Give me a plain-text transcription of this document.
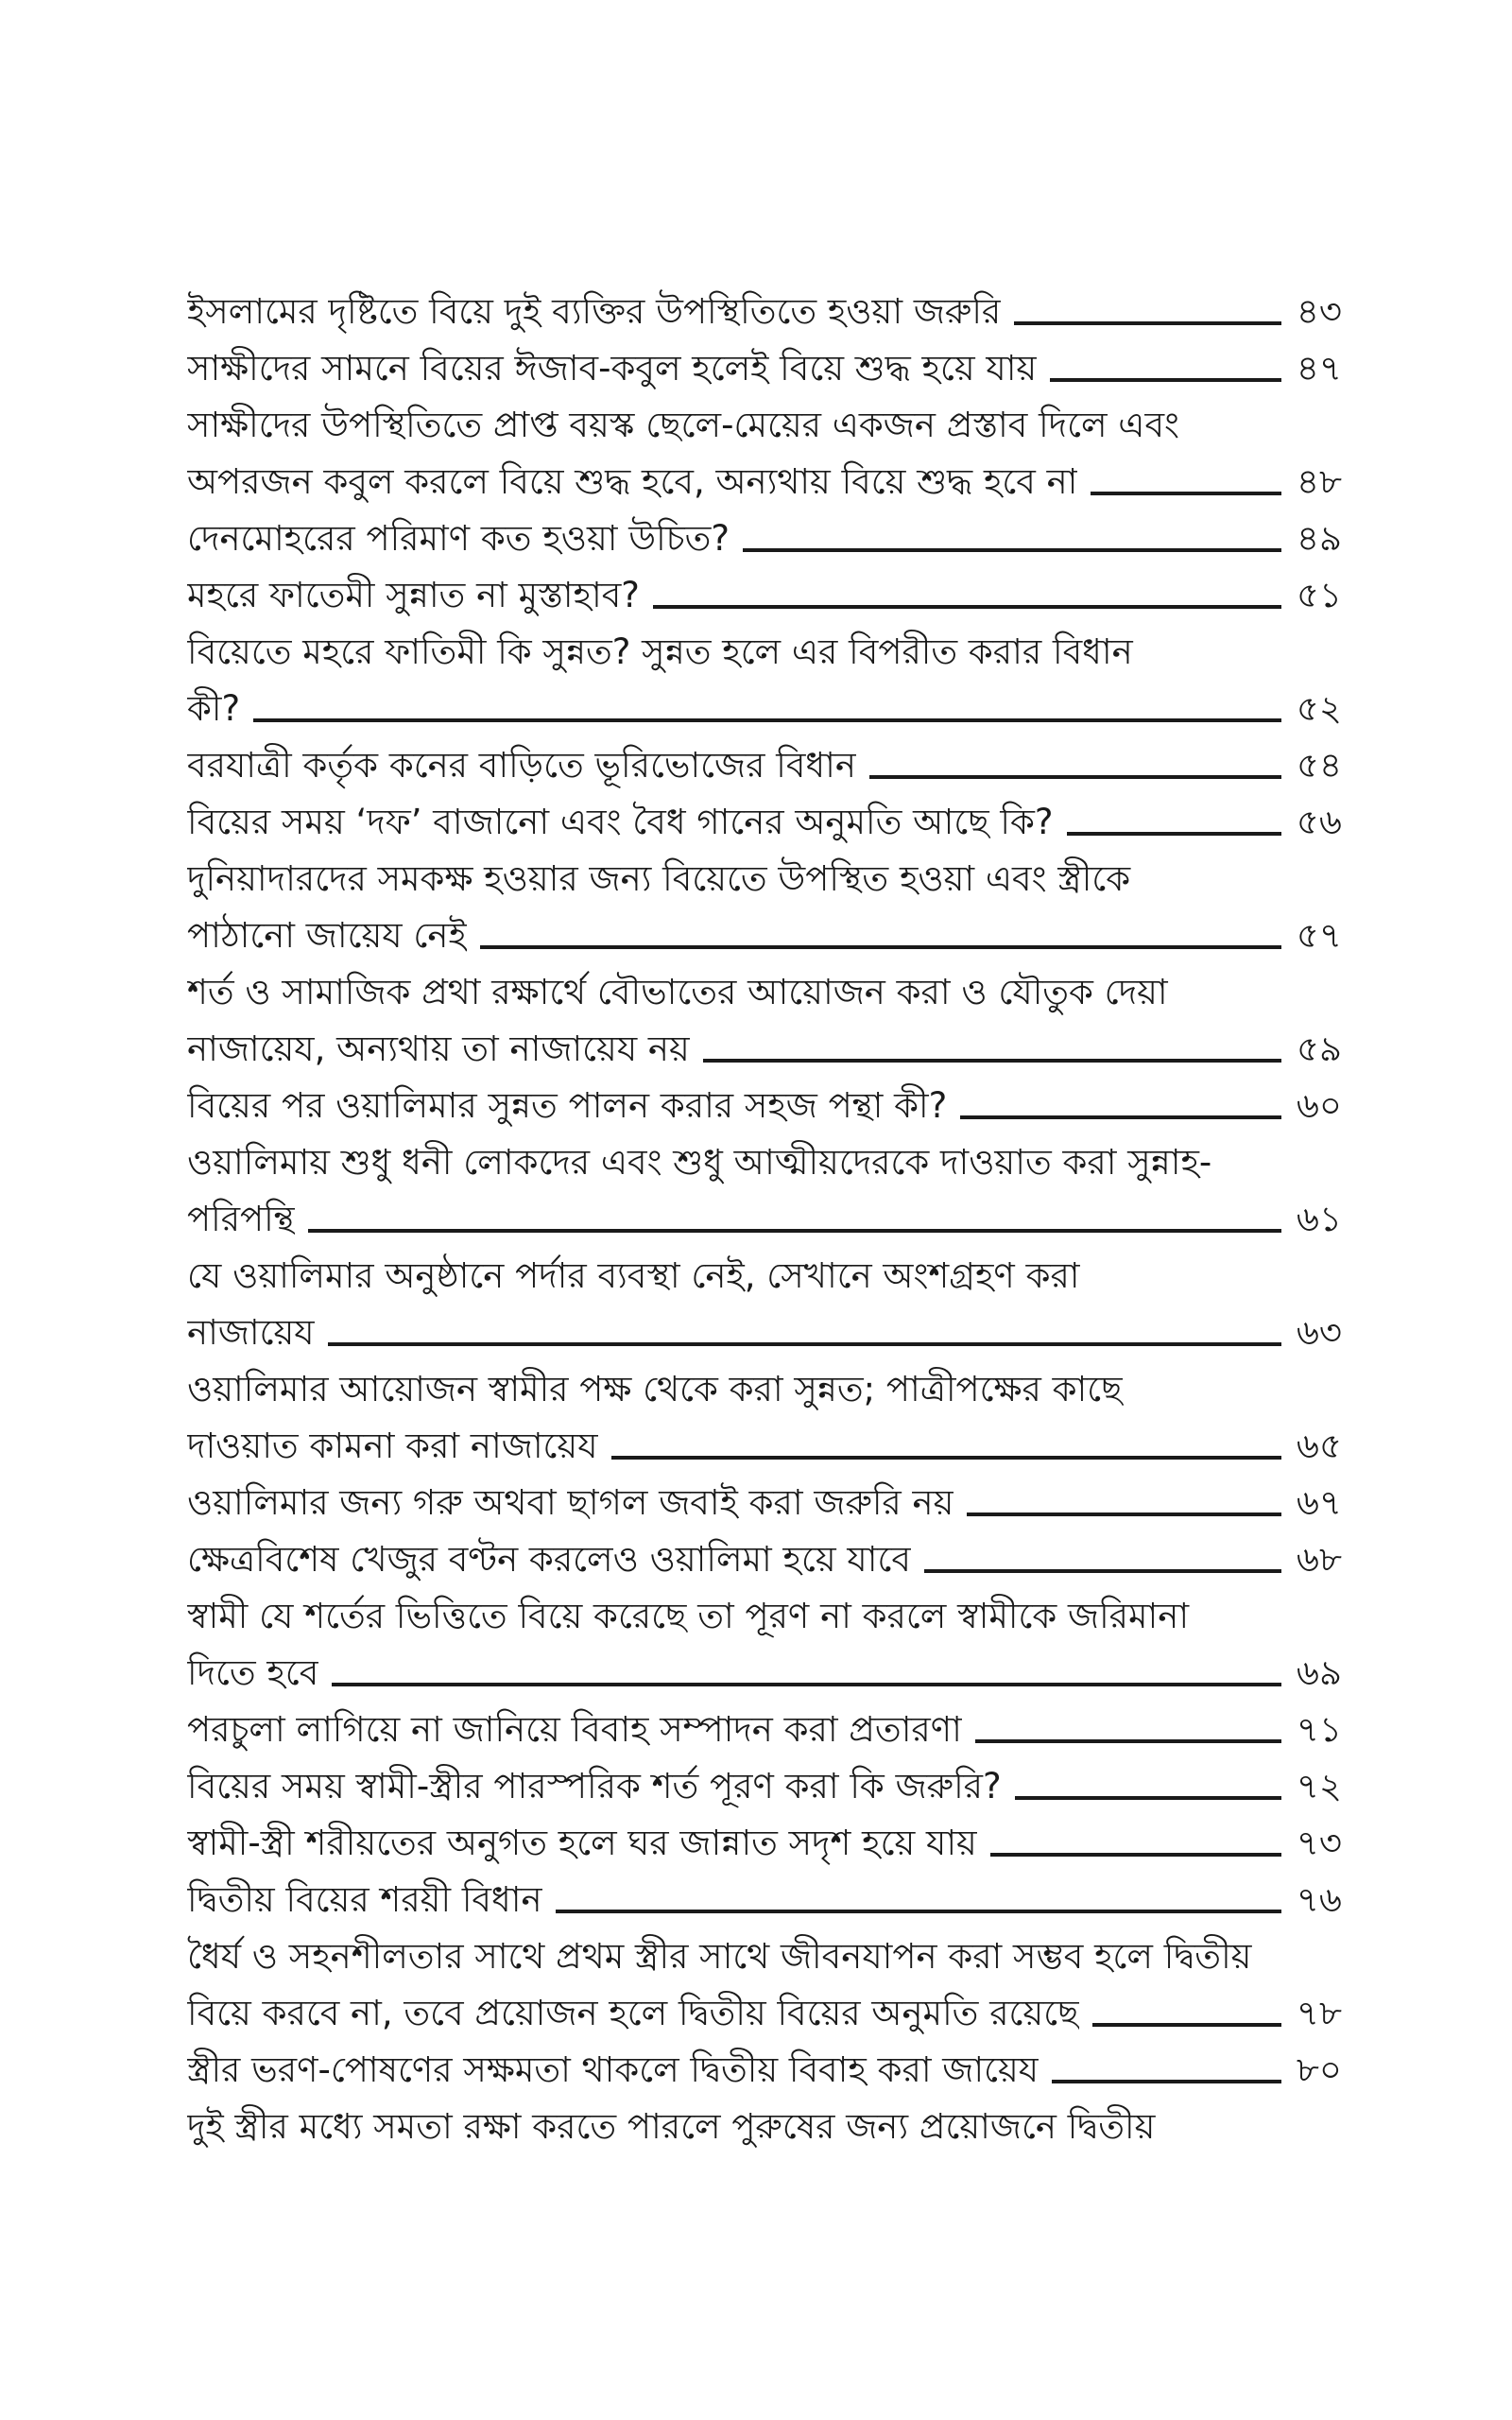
ইসলামের দৃষ্টিতে বিয়ে দুই ব্যক্তির উপস্থিতিতে হওয়া জরুরি	৪৩
সাক্ষীদের সামনে বিয়ের ঈজাব-কবুল হলেই বিয়ে শুদ্ধ হয়ে যায়	৪৭
সাক্ষীদের উপস্থিতিতে প্রাপ্ত বয়স্ক ছেলে-মেয়ের একজন প্রস্তাব দিলে এবং
অপরজন কবুল করলে বিয়ে শুদ্ধ হবে, অন্যথায় বিয়ে শুদ্ধ হবে না	৪৮
দেনমোহরের পরিমাণ কত হওয়া উচিত?	৪৯
মহরে ফাতেমী সুন্নাত না মুস্তাহাব?	৫১
বিয়েতে মহরে ফাতিমী কি সুন্নত? সুন্নত হলে এর বিপরীত করার বিধান
কী?	৫২
বরযাত্রী কর্তৃক কনের বাড়িতে ভূরিভোজের বিধান	৫৪
বিয়ের সময় ‘দফ’ বাজানো এবং বৈধ গানের অনুমতি আছে কি?	৫৬
দুনিয়াদারদের সমকক্ষ হওয়ার জন্য বিয়েতে উপস্থিত হওয়া এবং স্ত্রীকে
পাঠানো জায়েয নেই	৫৭
শর্ত ও সামাজিক প্রথা রক্ষার্থে বৌভাতের আয়োজন করা ও যৌতুক দেয়া
নাজায়েয, অন্যথায় তা নাজায়েয নয়	৫৯
বিয়ের পর ওয়ালিমার সুন্নত পালন করার সহজ পন্থা কী?	৬০
ওয়ালিমায় শুধু ধনী লোকদের এবং শুধু আত্মীয়দেরকে দাওয়াত করা সুন্নাহ-
পরিপন্থি	৬১
যে ওয়ালিমার অনুষ্ঠানে পর্দার ব্যবস্থা নেই, সেখানে অংশগ্রহণ করা
নাজায়েয	৬৩
ওয়ালিমার আয়োজন স্বামীর পক্ষ থেকে করা সুন্নত; পাত্রীপক্ষের কাছে
দাওয়াত কামনা করা নাজায়েয	৬৫
ওয়ালিমার জন্য গরু অথবা ছাগল জবাই করা জরুরি নয়	৬৭
ক্ষেত্রবিশেষ খেজুর বণ্টন করলেও ওয়ালিমা হয়ে যাবে	৬৮
স্বামী যে শর্তের ভিত্তিতে বিয়ে করেছে তা পূরণ না করলে স্বামীকে জরিমানা
দিতে হবে	৬৯
পরচুলা লাগিয়ে না জানিয়ে বিবাহ সম্পাদন করা প্রতারণা	৭১
বিয়ের সময় স্বামী-স্ত্রীর পারস্পরিক শর্ত পূরণ করা কি জরুরি?	৭২
স্বামী-স্ত্রী শরীয়তের অনুগত হলে ঘর জান্নাত সদৃশ হয়ে যায়	৭৩
দ্বিতীয় বিয়ের শরয়ী বিধান	৭৬
ধৈর্য ও সহনশীলতার সাথে প্রথম স্ত্রীর সাথে জীবনযাপন করা সম্ভব হলে দ্বিতীয়
বিয়ে করবে না, তবে প্রয়োজন হলে দ্বিতীয় বিয়ের অনুমতি রয়েছে	৭৮
স্ত্রীর ভরণ-পোষণের সক্ষমতা থাকলে দ্বিতীয় বিবাহ করা জায়েয	৮০
দুই স্ত্রীর মধ্যে সমতা রক্ষা করতে পারলে পুরুষের জন্য প্রয়োজনে দ্বিতীয়
